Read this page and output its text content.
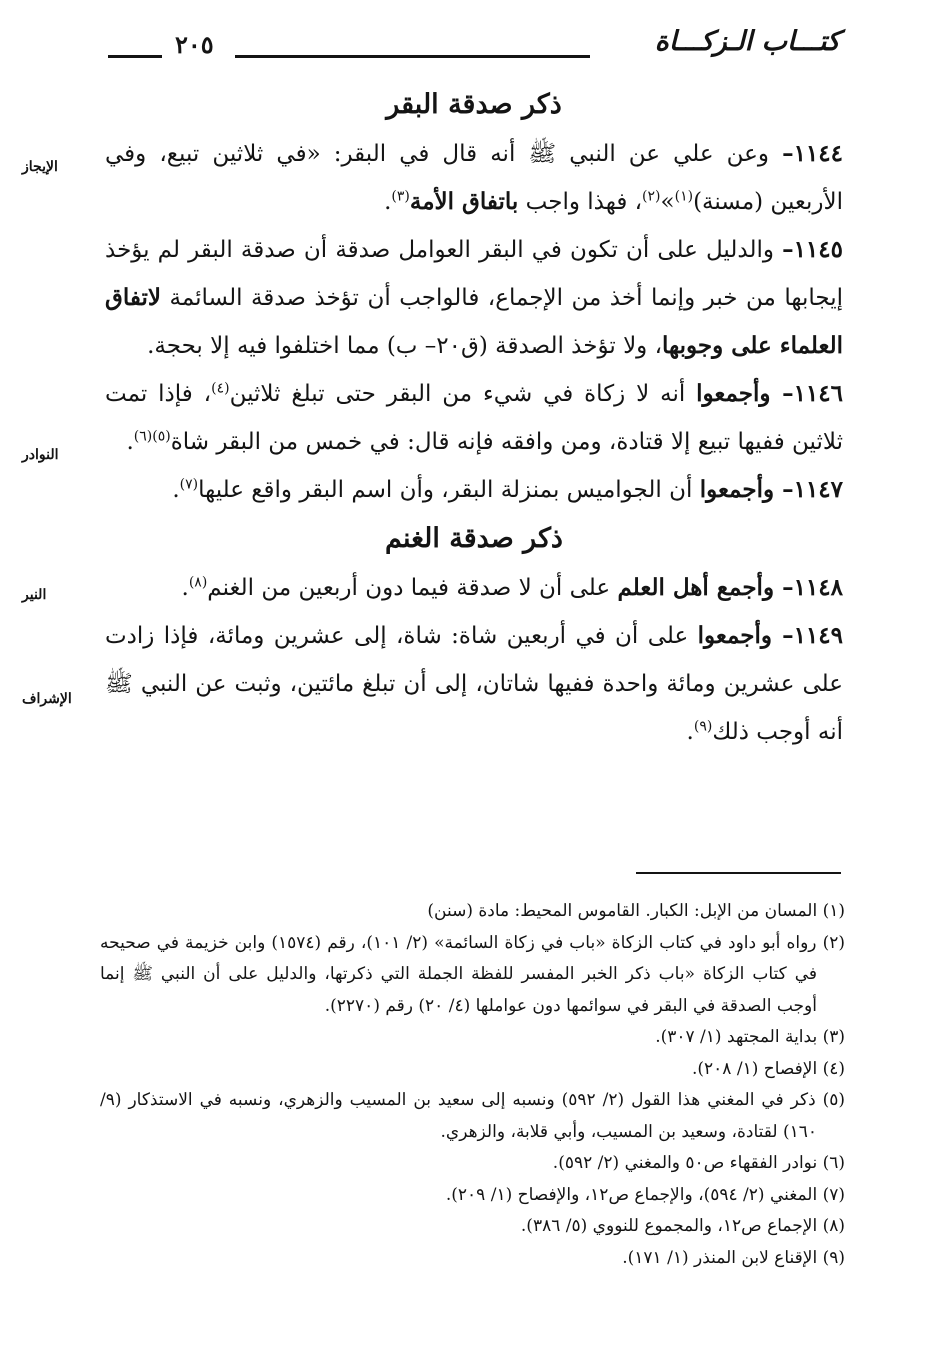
كتـــاب الـزكـــاة
٢٠٥
الإيجاز
النوادر
النير
الإشراف
ذكر صدقة البقر

١١٤٤– وعن علي عن النبي ﷺ أنه قال في البقر: «في ثلاثين تبيع، وفي الأربعين (مسنة)$^{(١)}$»$^{(٢)}$، فهذا واجب باتفاق الأمة$^{(٣)}$.

١١٤٥– والدليل على أن تكون في البقر العوامل صدقة أن صدقة البقر لم يؤخذ إيجابها من خبر وإنما أخذ من الإجماع، فالواجب أن تؤخذ صدقة السائمة لاتفاق العلماء على وجوبها، ولا تؤخذ الصدقة (ق٢٠– ب) مما اختلفوا فيه إلا بحجة.

١١٤٦– وأجمعوا أنه لا زكاة في شيء من البقر حتى تبلغ ثلاثين$^{(٤)}$، فإذا تمت ثلاثين ففيها تبيع إلا قتادة، ومن وافقه فإنه قال: في خمس من البقر شاة$^{(٥)(٦)}$.

١١٤٧– وأجمعوا أن الجواميس بمنزلة البقر، وأن اسم البقر واقع عليها$^{(٧)}$.

ذكر صدقة الغنم

١١٤٨– وأجمع أهل العلم على أن لا صدقة فيما دون أربعين من الغنم$^{(٨)}$.

١١٤٩– وأجمعوا على أن في أربعين شاة: شاة، إلى عشرين ومائة، فإذا زادت على عشرين ومائة واحدة ففيها شاتان، إلى أن تبلغ مائتين، وثبت عن النبي ﷺ أنه أوجب ذلك$^{(٩)}$.

(١) المسان من الإبل: الكبار. القاموس المحيط: مادة (سنن)

(٢) رواه أبو داود في كتاب الزكاة «باب في زكاة السائمة» (٢/ ١٠١)، رقم (١٥٧٤) وابن خزيمة في صحيحه في كتاب الزكاة «باب ذكر الخبر المفسر للفظة الجملة التي ذكرتها، والدليل على أن النبي ﷺ إنما أوجب الصدقة في البقر في سوائمها دون عواملها (٤/ ٢٠) رقم (٢٢٧٠).

(٣) بداية المجتهد (١/ ٣٠٧).

(٤) الإفصاح (١/ ٢٠٨).

(٥) ذكر في المغني هذا القول (٢/ ٥٩٢) ونسبه إلى سعيد بن المسيب والزهري، ونسبه في الاستذكار (٩/ ١٦٠) لقتادة، وسعيد بن المسيب، وأبي قلابة، والزهري.

(٦) نوادر الفقهاء ص٥٠ والمغني (٢/ ٥٩٢).

(٧) المغني (٢/ ٥٩٤)، والإجماع ص١٢، والإفصاح (١/ ٢٠٩).

(٨) الإجماع ص١٢، والمجموع للنووي (٥/ ٣٨٦).

(٩) الإقناع لابن المنذر (١/ ١٧١).
